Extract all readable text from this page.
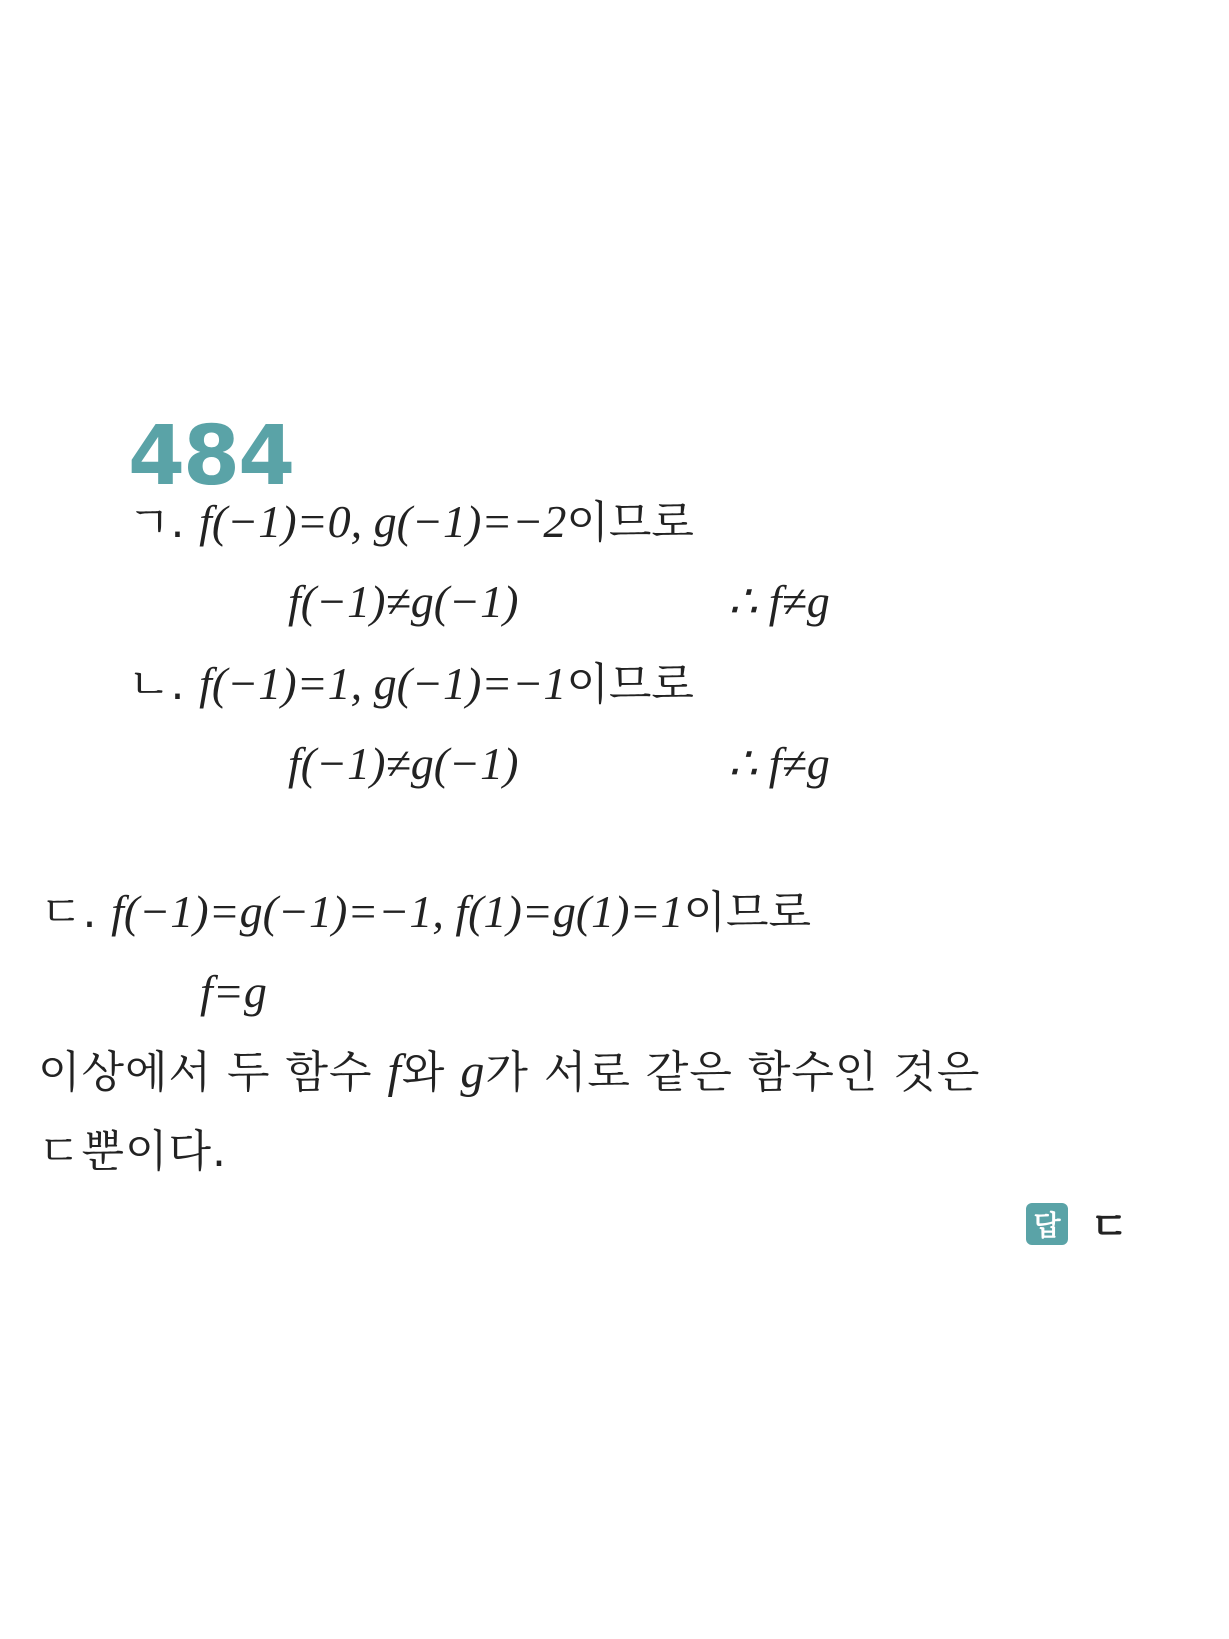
484
ㄱ. f(−1)=0, g(−1)=−2이므로
f(−1)≠g(−1)	∴ f≠g
ㄴ. f(−1)=1, g(−1)=−1이므로
f(−1)≠g(−1)	∴ f≠g
ㄷ. f(−1)=g(−1)=−1, f(1)=g(1)=1이므로
f=g
이상에서 두 함수 f와 g가 서로 같은 함수인 것은
ㄷ뿐이다.
답 ㄷ
